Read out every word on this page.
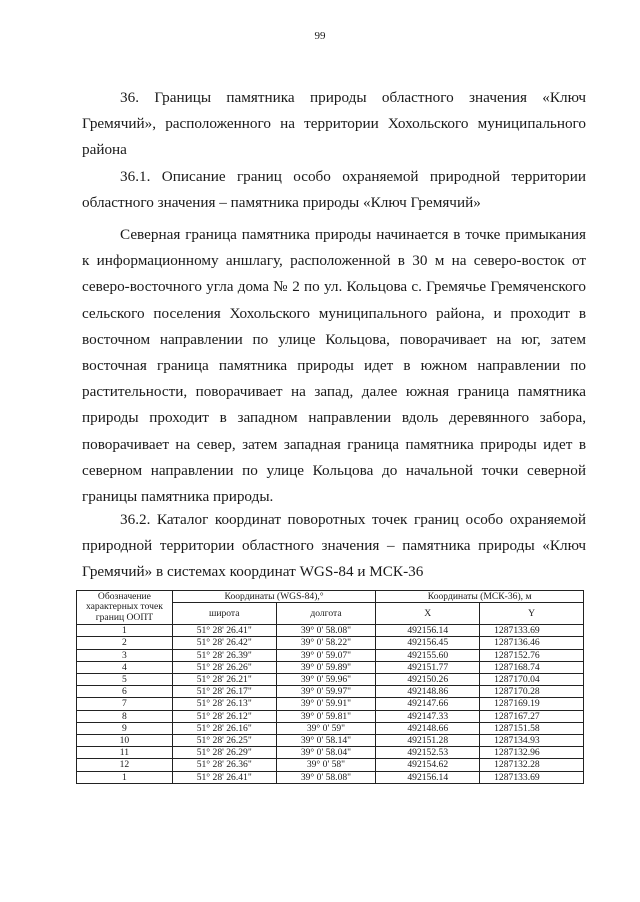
99
36. Границы памятника природы областного значения «Ключ
Гремячий», расположенного на территории Хохольского муниципального
района
36.1. Описание границ особо охраняемой природной территории
областного значения – памятника природы «Ключ Гремячий»
Северная граница памятника природы начинается в точке примыкания
к информационному аншлагу, расположенной в 30 м на северо-восток от
северо-восточного угла дома № 2 по ул. Кольцова с. Гремячье Гремяченского
сельского поселения Хохольского муниципального района, и проходит в
восточном направлении по улице Кольцова, поворачивает на юг, затем
восточная граница памятника природы идет в южном направлении по
растительности, поворачивает на запад, далее южная граница памятника
природы проходит в западном направлении вдоль деревянного забора,
поворачивает на север, затем западная граница памятника природы идет в
северном направлении по улице Кольцова до начальной точки северной
границы памятника природы.
36.2. Каталог координат поворотных точек границ особо охраняемой
природной территории областного значения – памятника природы «Ключ
Гремячий» в системах координат WGS-84 и МСК-36
Обозначение характерных точек границ ООПТ	Координаты (WGS-84),°		Координаты (МСК-36), м	
	широта	долгота	X	Y
1	51° 28' 26.41"	39° 0' 58.08"	492156.14	1287133.69
2	51° 28' 26.42"	39° 0' 58.22"	492156.45	1287136.46
3	51° 28' 26.39"	39° 0' 59.07"	492155.60	1287152.76
4	51° 28' 26.26"	39° 0' 59.89"	492151.77	1287168.74
5	51° 28' 26.21"	39° 0' 59.96"	492150.26	1287170.04
6	51° 28' 26.17"	39° 0' 59.97"	492148.86	1287170.28
7	51° 28' 26.13"	39° 0' 59.91"	492147.66	1287169.19
8	51° 28' 26.12"	39° 0' 59.81"	492147.33	1287167.27
9	51° 28' 26.16"	39° 0' 59"	492148.66	1287151.58
10	51° 28' 26.25"	39° 0' 58.14"	492151.28	1287134.93
11	51° 28' 26.29"	39° 0' 58.04"	492152.53	1287132.96
12	51° 28' 26.36"	39° 0' 58"	492154.62	1287132.28
1	51° 28' 26.41"	39° 0' 58.08"	492156.14	1287133.69
